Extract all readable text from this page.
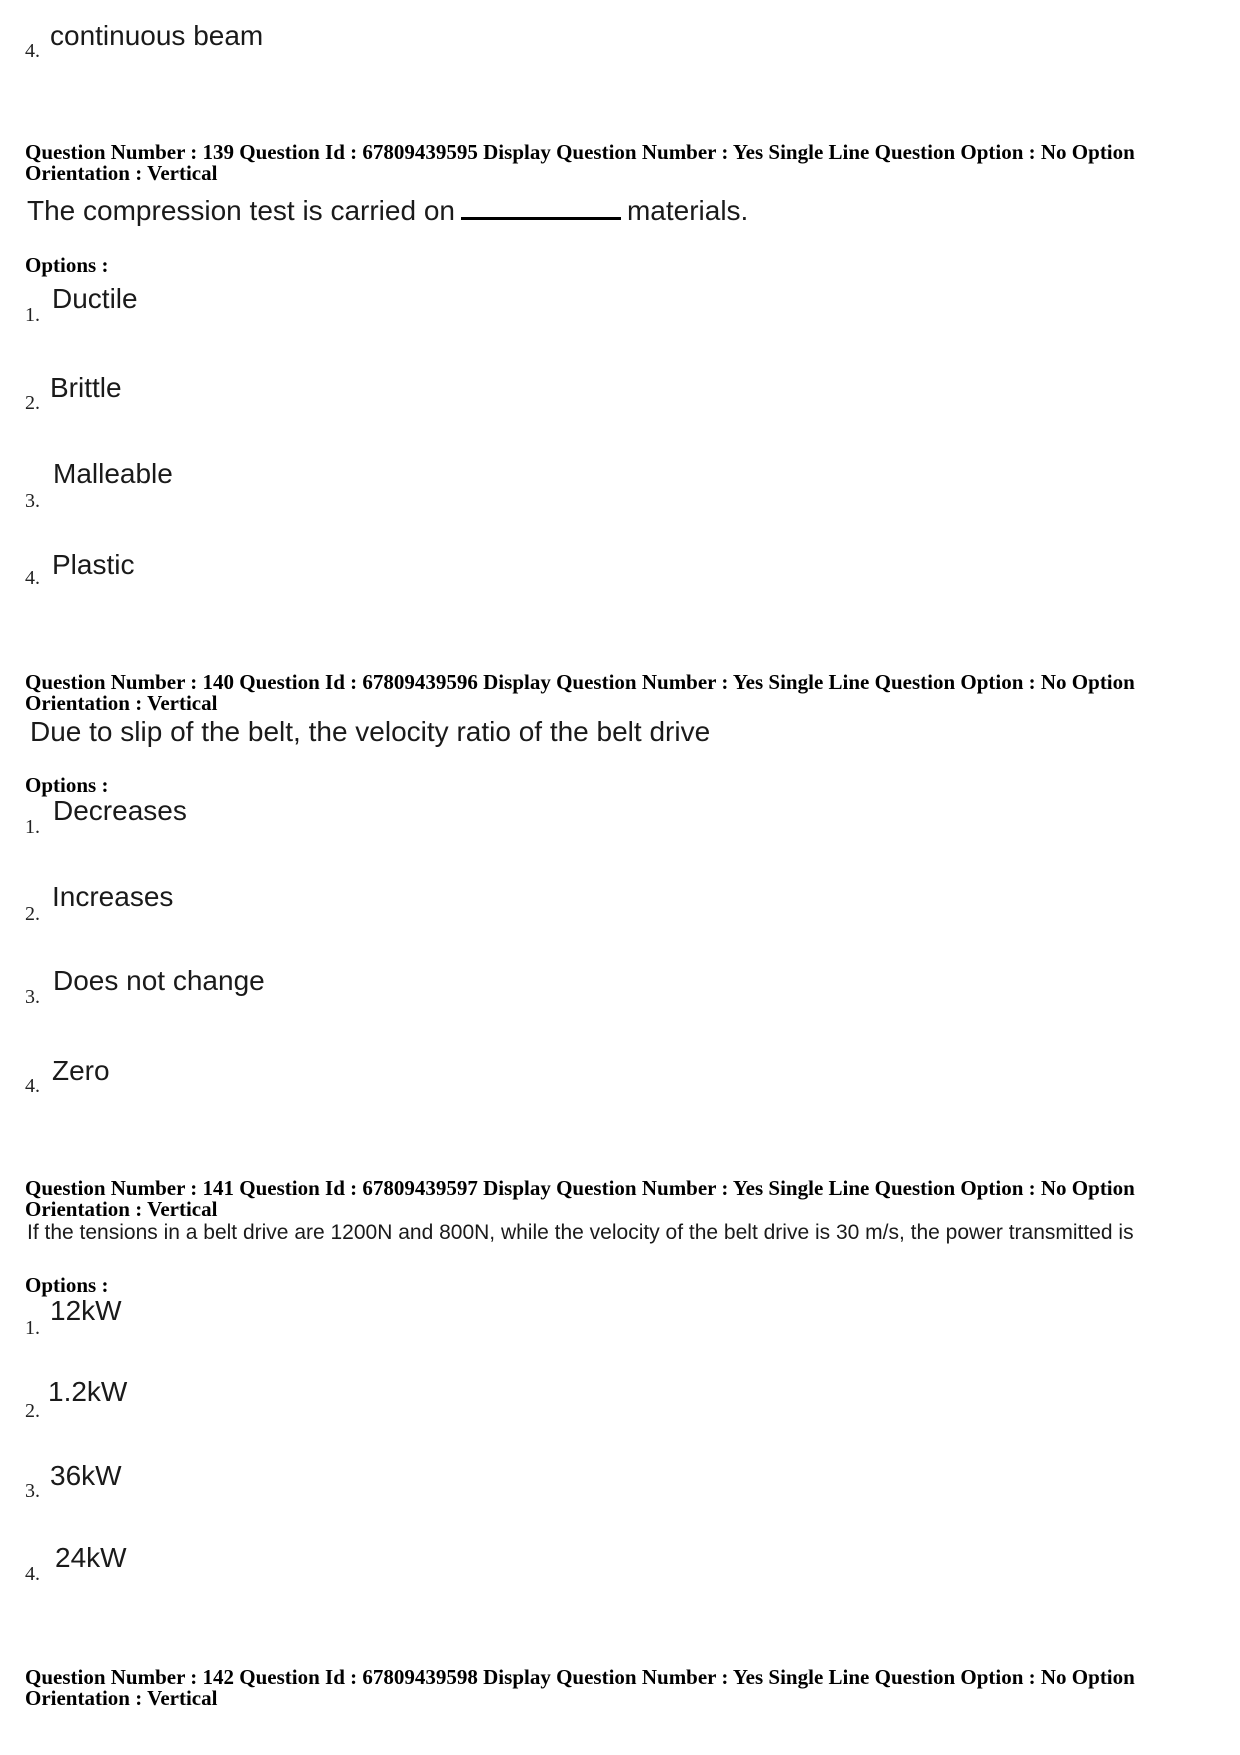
4. continuous beam
Question Number : 139 Question Id : 67809439595 Display Question Number : Yes Single Line Question Option : No Option
Orientation : Vertical
The compression test is carried on	materials.
Options :
1.
Ductile
2. Brittle
3.
Malleable
4. Plastic
Question Number : 140 Question Id : 67809439596 Display Question Number : Yes Single Line Question Option : No Option
Orientation : Vertical
Due to slip of the belt, the velocity ratio of the belt drive
Options :
1.
Decreases
2.
Increases
3.
Does not change
4. Zero
Question Number : 141 Question Id : 67809439597 Display Question Number : Yes Single Line Question Option : No Option
Orientation : Vertical
If the tensions in a belt drive are 1200N and 800N, while the velocity of the belt drive is 30 m/s, the power transmitted is
Options :
1.
12kW
2.
1.2kW
3. 36kW
4.
24kW
Question Number : 142 Question Id : 67809439598 Display Question Number : Yes Single Line Question Option : No Option
Orientation : Vertical
